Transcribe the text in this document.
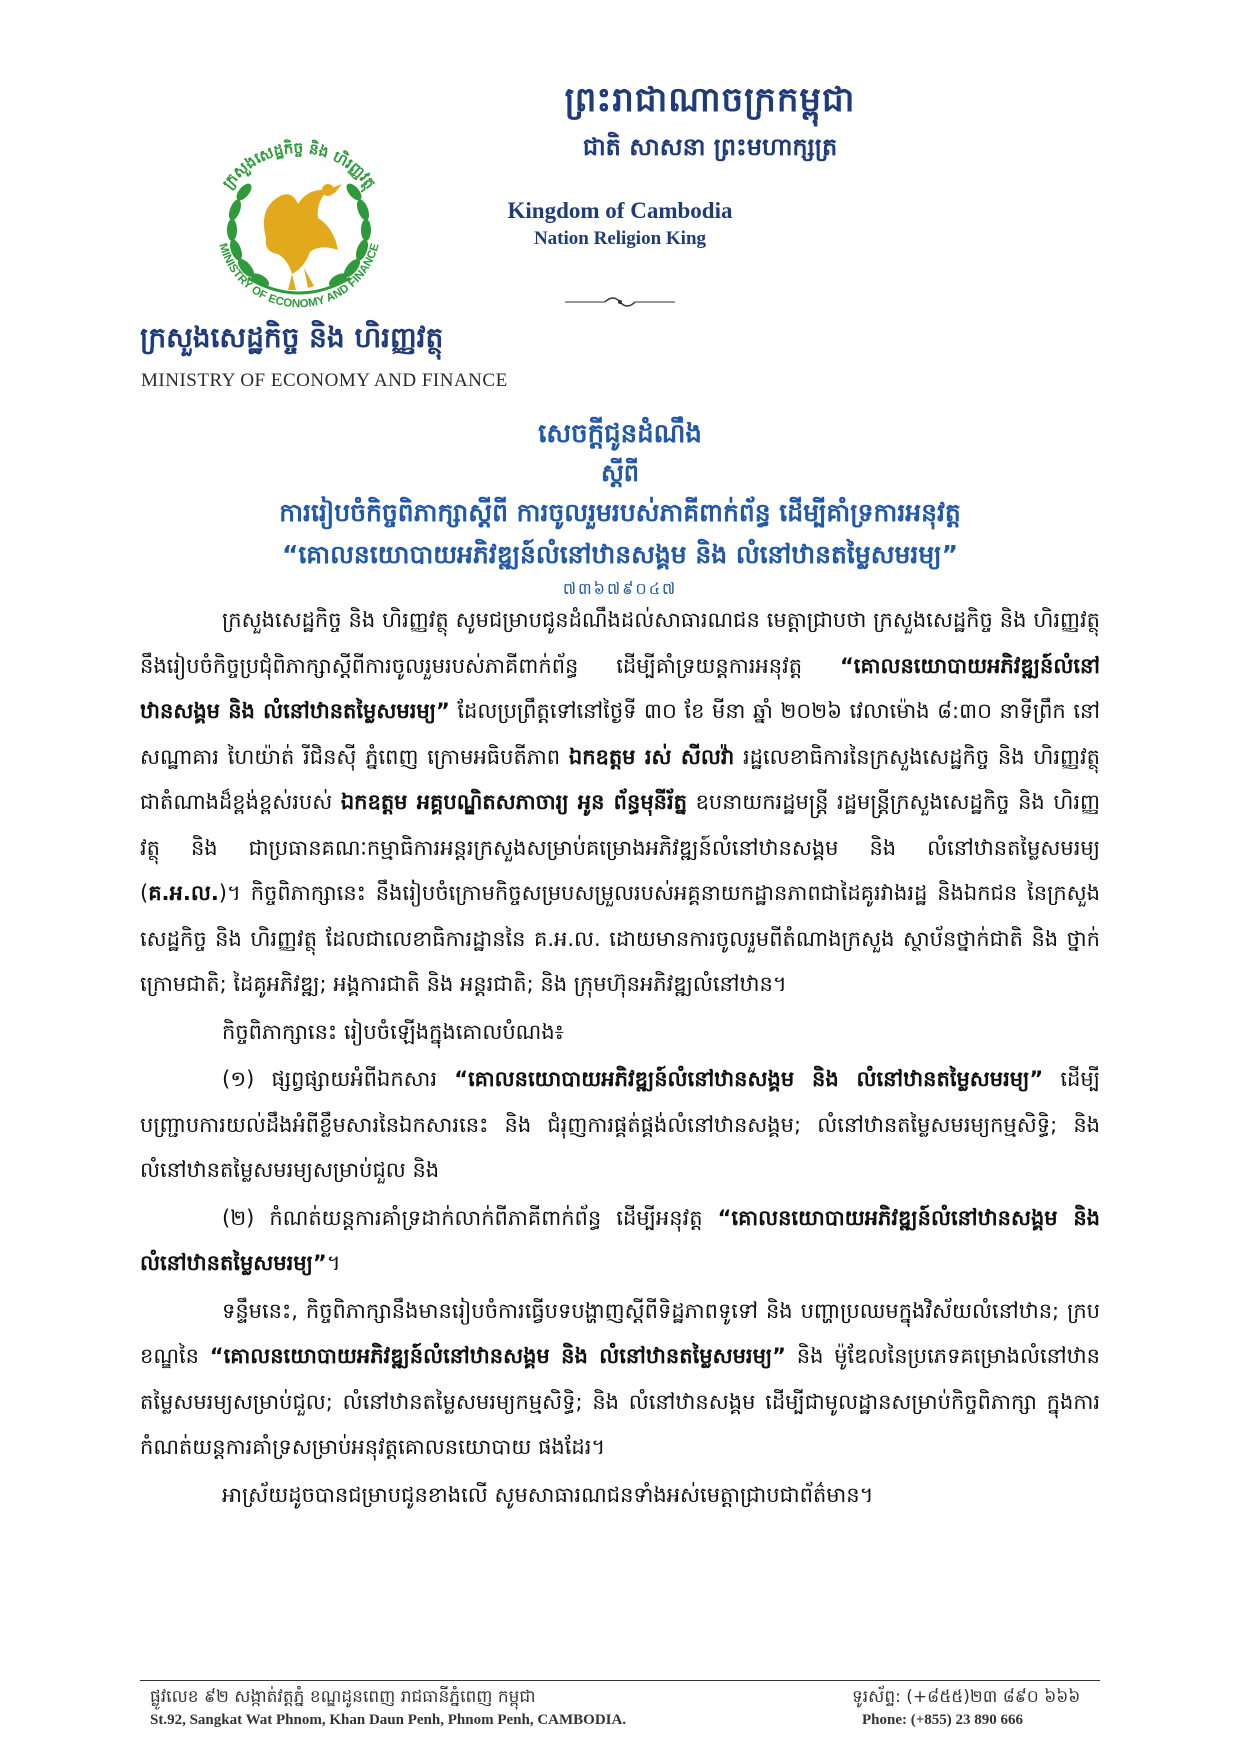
ព្រះរាជាណាចក្រកម្ពុជា
ជាតិ សាសនា ព្រះមហាក្សត្រ
Kingdom of Cambodia
Nation Religion King
ក្រសួងសេដ្ឋកិច្ច និង ហិរញ្ញវត្ថុ
MINISTRY OF ECONOMY AND FINANCE
ក្រសួងសេដ្ឋកិច្ច និង ហិរញ្ញវត្ថុ
MINISTRY OF ECONOMY AND FINANCE
សេចក្តីជូនដំណឹង
ស្តីពី
ការរៀបចំកិច្ចពិភាក្សាស្តីពី ការចូលរួមរបស់ភាគីពាក់ព័ន្ធ ដើម្បីគាំទ្រការអនុវត្ត
“គោលនយោបាយអភិវឌ្ឍន៍លំនៅឋានសង្គម និង លំនៅឋានតម្លៃសមរម្យ”
៧៣៦៧៩០៤៧

ក្រសួងសេដ្ឋកិច្ច និង ហិរញ្ញវត្ថុ សូមជម្រាបជូនដំណឹងដល់សាធារណជន មេត្តាជ្រាបថា ក្រសួងសេដ្ឋកិច្ច និង ហិរញ្ញវត្ថុ នឹងរៀបចំកិច្ចប្រជុំពិភាក្សាស្តីពីការចូលរួមរបស់ភាគីពាក់ព័ន្ធ ដើម្បីគាំទ្រយន្តការអនុវត្ត “គោលនយោបាយអភិវឌ្ឍន៍លំនៅឋានសង្គម និង លំនៅឋានតម្លៃសមរម្យ” ដែលប្រព្រឹត្តទៅនៅថ្ងៃទី ៣០ ខែ មីនា ឆ្នាំ ២០២៦ វេលាម៉ោង ៨:៣០ នាទីព្រឹក នៅសណ្ឋាគារ ហៃយ៉ាត់ រីជិនស៊ី ភ្នំពេញ ក្រោមអធិបតីភាព ឯកឧត្តម រស់ សីលវ៉ា រដ្ឋលេខាធិការនៃក្រសួងសេដ្ឋកិច្ច និង ហិរញ្ញវត្ថុ ជាតំណាងដ៏ខ្ពង់ខ្ពស់របស់ ឯកឧត្តម អគ្គបណ្ឌិតសភាចារ្យ អូន ព័ន្ធមុនីរ័ត្ន ឧបនាយករដ្ឋមន្ត្រី រដ្ឋមន្ត្រីក្រសួងសេដ្ឋកិច្ច និង ហិរញ្ញវត្ថុ និង ជាប្រធានគណៈកម្មាធិការអន្តរក្រសួងសម្រាប់គម្រោងអភិវឌ្ឍន៍លំនៅឋានសង្គម និង លំនៅឋានតម្លៃសមរម្យ (គ.អ.ល.)។ កិច្ចពិភាក្សានេះ នឹងរៀបចំក្រោមកិច្ចសម្របសម្រួលរបស់អគ្គនាយកដ្ឋានភាពជាដៃគូរវាងរដ្ឋ និងឯកជន នៃក្រសួងសេដ្ឋកិច្ច និង ហិរញ្ញវត្ថុ ដែលជាលេខាធិការដ្ឋាននៃ គ.អ.ល. ដោយមានការចូលរួមពីតំណាងក្រសួង ស្ថាប័នថ្នាក់ជាតិ និង ថ្នាក់ក្រោមជាតិ; ដៃគូអភិវឌ្ឍ; អង្គការជាតិ និង អន្តរជាតិ; និង ក្រុមហ៊ុនអភិវឌ្ឍលំនៅឋាន។

កិច្ចពិភាក្សានេះ រៀបចំឡើងក្នុងគោលបំណង៖

(១) ផ្សព្វផ្សាយអំពីឯកសារ “គោលនយោបាយអភិវឌ្ឍន៍លំនៅឋានសង្គម និង លំនៅឋានតម្លៃសមរម្យ” ដើម្បីបញ្ជ្រាបការយល់ដឹងអំពីខ្លឹមសារនៃឯកសារនេះ និង ជំរុញការផ្គត់ផ្គង់លំនៅឋានសង្គម; លំនៅឋានតម្លៃសមរម្យកម្មសិទ្ធិ; និង លំនៅឋានតម្លៃសមរម្យសម្រាប់ជួល និង

(២) កំណត់យន្តការគាំទ្រដាក់លាក់ពីភាគីពាក់ព័ន្ធ ដើម្បីអនុវត្ត “គោលនយោបាយអភិវឌ្ឍន៍លំនៅឋានសង្គម និង លំនៅឋានតម្លៃសមរម្យ”។

ទន្ទឹមនេះ, កិច្ចពិភាក្សានឹងមានរៀបចំការធ្វើបទបង្ហាញស្តីពីទិដ្ឋភាពទូទៅ និង បញ្ហាប្រឈមក្នុងវិស័យលំនៅឋាន; ក្របខណ្ឌនៃ “គោលនយោបាយអភិវឌ្ឍន៍លំនៅឋានសង្គម និង លំនៅឋានតម្លៃសមរម្យ” និង ម៉ូឌែលនៃប្រភេទគម្រោងលំនៅឋានតម្លៃសមរម្យសម្រាប់ជួល; លំនៅឋានតម្លៃសមរម្យកម្មសិទ្ធិ; និង លំនៅឋានសង្គម ដើម្បីជាមូលដ្ឋានសម្រាប់កិច្ចពិភាក្សា ក្នុងការកំណត់យន្តការគាំទ្រសម្រាប់អនុវត្តគោលនយោបាយ ផងដែរ។

អាស្រ័យដូចបានជម្រាបជូនខាងលើ សូមសាធារណជនទាំងអស់មេត្តាជ្រាបជាព័ត៌មាន។

ផ្លូវលេខ ៩២ សង្កាត់វត្តភ្នំ ខណ្ឌដូនពេញ រាជធានីភ្នំពេញ កម្ពុជា
St.92, Sangkat Wat Phnom, Khan Daun Penh, Phnom Penh, CAMBODIA.
ទូរស័ព្ទ: (+៨៥៥)២៣ ៨៩០ ៦៦៦
Phone: (+855) 23 890 666
